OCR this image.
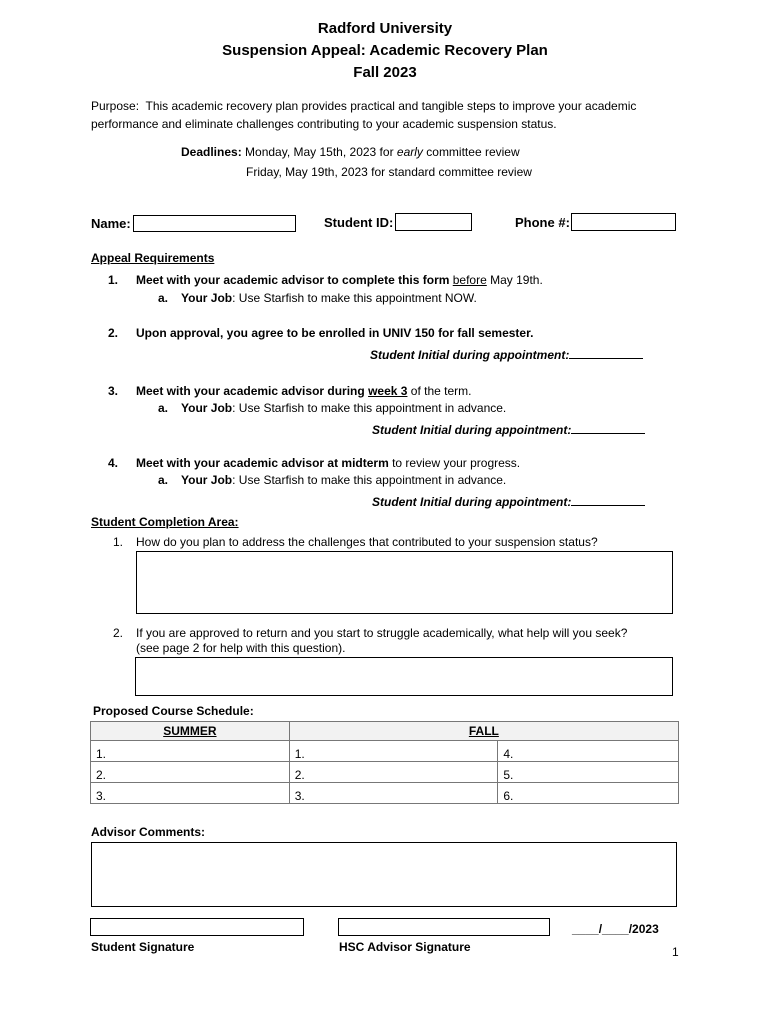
Radford University
Suspension Appeal: Academic Recovery Plan
Fall 2023
Purpose: This academic recovery plan provides practical and tangible steps to improve your academic
performance and eliminate challenges contributing to your academic suspension status.
Deadlines: Monday, May 15th, 2023 for early committee review
Friday, May 19th, 2023 for standard committee review
Name:	Student ID:	Phone #:
Appeal Requirements
1. Meet with your academic advisor to complete this form before May 19th.
a. Your Job: Use Starfish to make this appointment NOW.
2. Upon approval, you agree to be enrolled in UNIV 150 for fall semester.
Student Initial during appointment:
3. Meet with your academic advisor during week 3 of the term.
a. Your Job: Use Starfish to make this appointment in advance.
Student Initial during appointment:
4. Meet with your academic advisor at midterm to review your progress.
a. Your Job: Use Starfish to make this appointment in advance.
Student Initial during appointment:
Student Completion Area:
1. How do you plan to address the challenges that contributed to your suspension status?
2. If you are approved to return and you start to struggle academically, what help will you seek?
(see page 2 for help with this question).
Proposed Course Schedule:
SUMMER	FALL	
1.	1.	4.
2.	2.	5.
3.	3.	6.
Advisor Comments:
Student Signature	HSC Advisor Signature
____/____/2023
1
